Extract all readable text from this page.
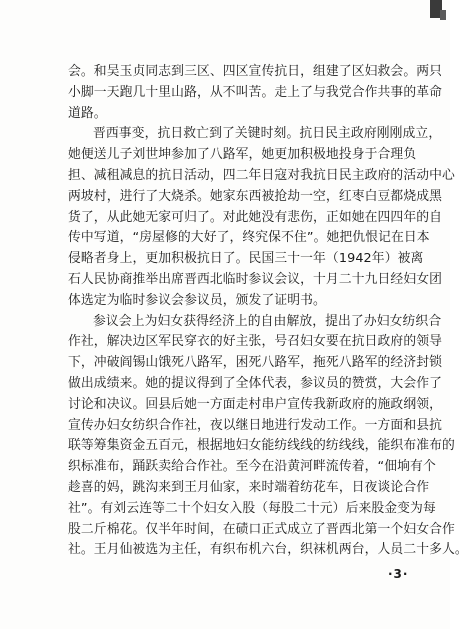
会。和吴玉贞同志到三区、四区宣传抗日，组建了区妇救会。两只
小脚一天跑几十里山路，从不叫苦。走上了与我党合作共事的革命
道路。
晋西事变，抗日救亡到了关键时刻。抗日民主政府刚刚成立，
她便送儿子刘世坤参加了八路军，她更加积极地投身于合理负
担、减租减息的抗日活动，四二年日寇对我抗日民主政府的活动中心
两坡村，进行了大烧杀。她家东西被抢劫一空，红枣白豆都烧成黑
货了，从此她无家可归了。对此她没有悲伤，正如她在四四年的自
传中写道，“房屋修的大好了，终究保不住”。她把仇恨记在日本
侵略者身上，更加积极抗日了。民国三十一年（1942年）被离
石人民协商推举出席晋西北临时参议会议，十月二十九日经妇女团
体选定为临时参议会参议员，颁发了证明书。
参议会上为妇女获得经济上的自由解放，提出了办妇女纺织合
作社，解决边区军民穿衣的好主张，号召妇女要在抗日政府的领导
下，冲破阎锡山饿死八路军，困死八路军，拖死八路军的经济封锁
做出成绩来。她的提议得到了全体代表，参议员的赞赏，大会作了
讨论和决议。回县后她一方面走村串户宣传我新政府的施政纲领，
宣传办妇女纺织合作社，夜以继日地进行发动工作。一方面和县抗
联等筹集资金五百元，根据地妇女能纺线线的纺线线，能织布准布的
织标准布，踊跃卖给合作社。至今在沿黄河畔流传着，“佃垧有个
趁喜的妈，跳沟来到王月仙家，来时端着纺花车，日夜谈论合作
社”。有刘云连等二十个妇女入股（每股二十元）后来股金变为每
股二斤棉花。仅半年时间，在碛口正式成立了晋西北第一个妇女合作
社。王月仙被选为主任，有织布机六台，织袜机两台，人员二十多人。
·3·
